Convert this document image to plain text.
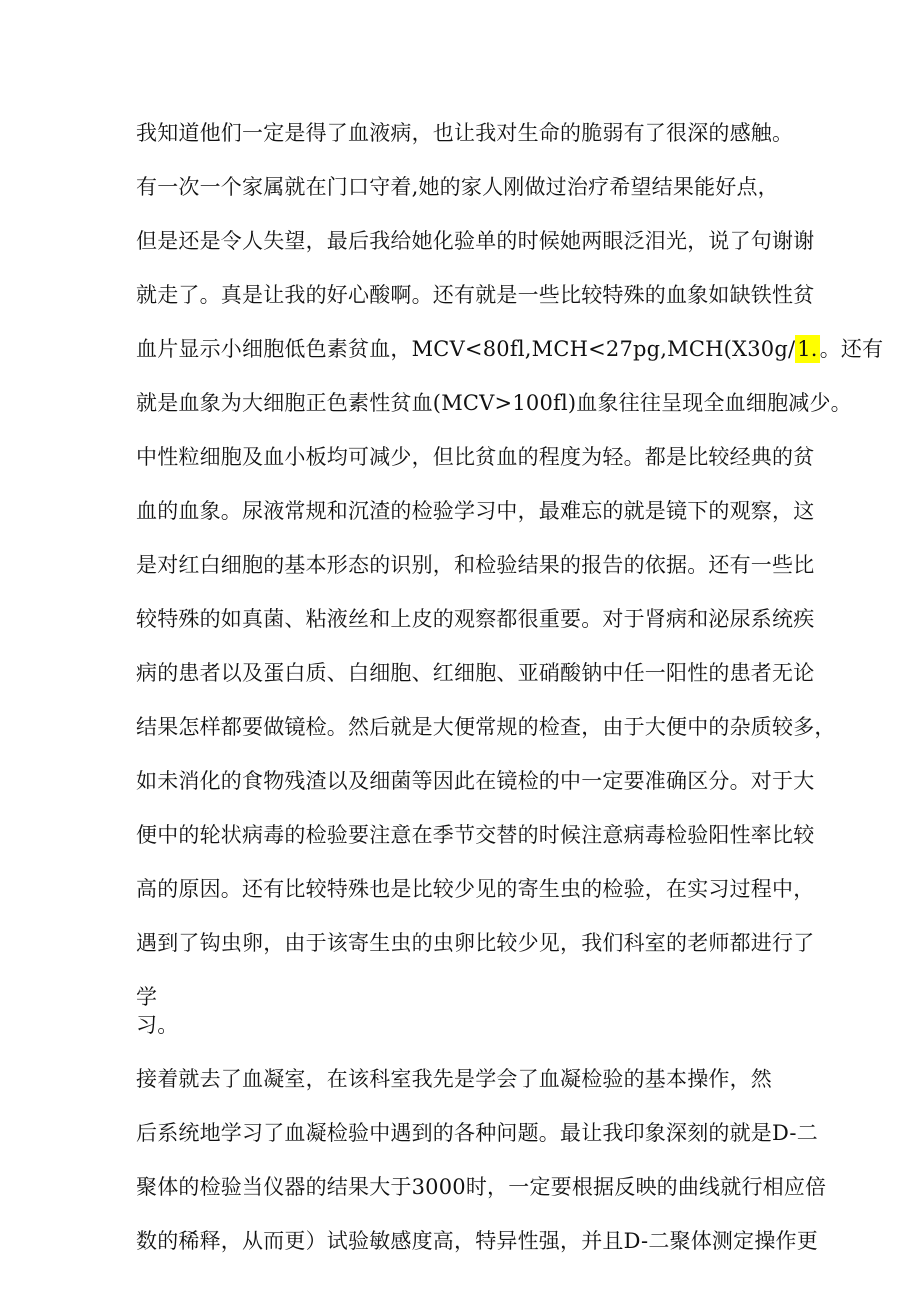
我知道他们一定是得了血液病，也让我对生命的脆弱有了很深的感触。
有一次一个家属就在门口守着,她的家人刚做过治疗希望结果能好点，
但是还是令人失望，最后我给她化验单的时候她两眼泛泪光，说了句谢谢
就走了。真是让我的好心酸啊。还有就是一些比较特殊的血象如缺铁性贫
血片显示小细胞低色素贫血，MCV<80fl,MCH<27pg,MCH(X30g/1.。还有
就是血象为大细胞正色素性贫血(MCV>100fl)血象往往呈现全血细胞减少。
中性粒细胞及血小板均可减少，但比贫血的程度为轻。都是比较经典的贫
血的血象。尿液常规和沉渣的检验学习中，最难忘的就是镜下的观察，这
是对红白细胞的基本形态的识别，和检验结果的报告的依据。还有一些比
较特殊的如真菌、粘液丝和上皮的观察都很重要。对于肾病和泌尿系统疾
病的患者以及蛋白质、白细胞、红细胞、亚硝酸钠中任一阳性的患者无论
结果怎样都要做镜检。然后就是大便常规的检查，由于大便中的杂质较多，
如未消化的食物残渣以及细菌等因此在镜检的中一定要准确区分。对于大
便中的轮状病毒的检验要注意在季节交替的时候注意病毒检验阳性率比较
高的原因。还有比较特殊也是比较少见的寄生虫的检验，在实习过程中，
遇到了钩虫卵，由于该寄生虫的虫卵比较少见，我们科室的老师都进行了
学
习。
接着就去了血凝室，在该科室我先是学会了血凝检验的基本操作，然
后系统地学习了血凝检验中遇到的各种问题。最让我印象深刻的就是D-二
聚体的检验当仪器的结果大于3000时，一定要根据反映的曲线就行相应倍
数的稀释，从而更）试验敏感度高，特异性强，并且D-二聚体测定操作更
